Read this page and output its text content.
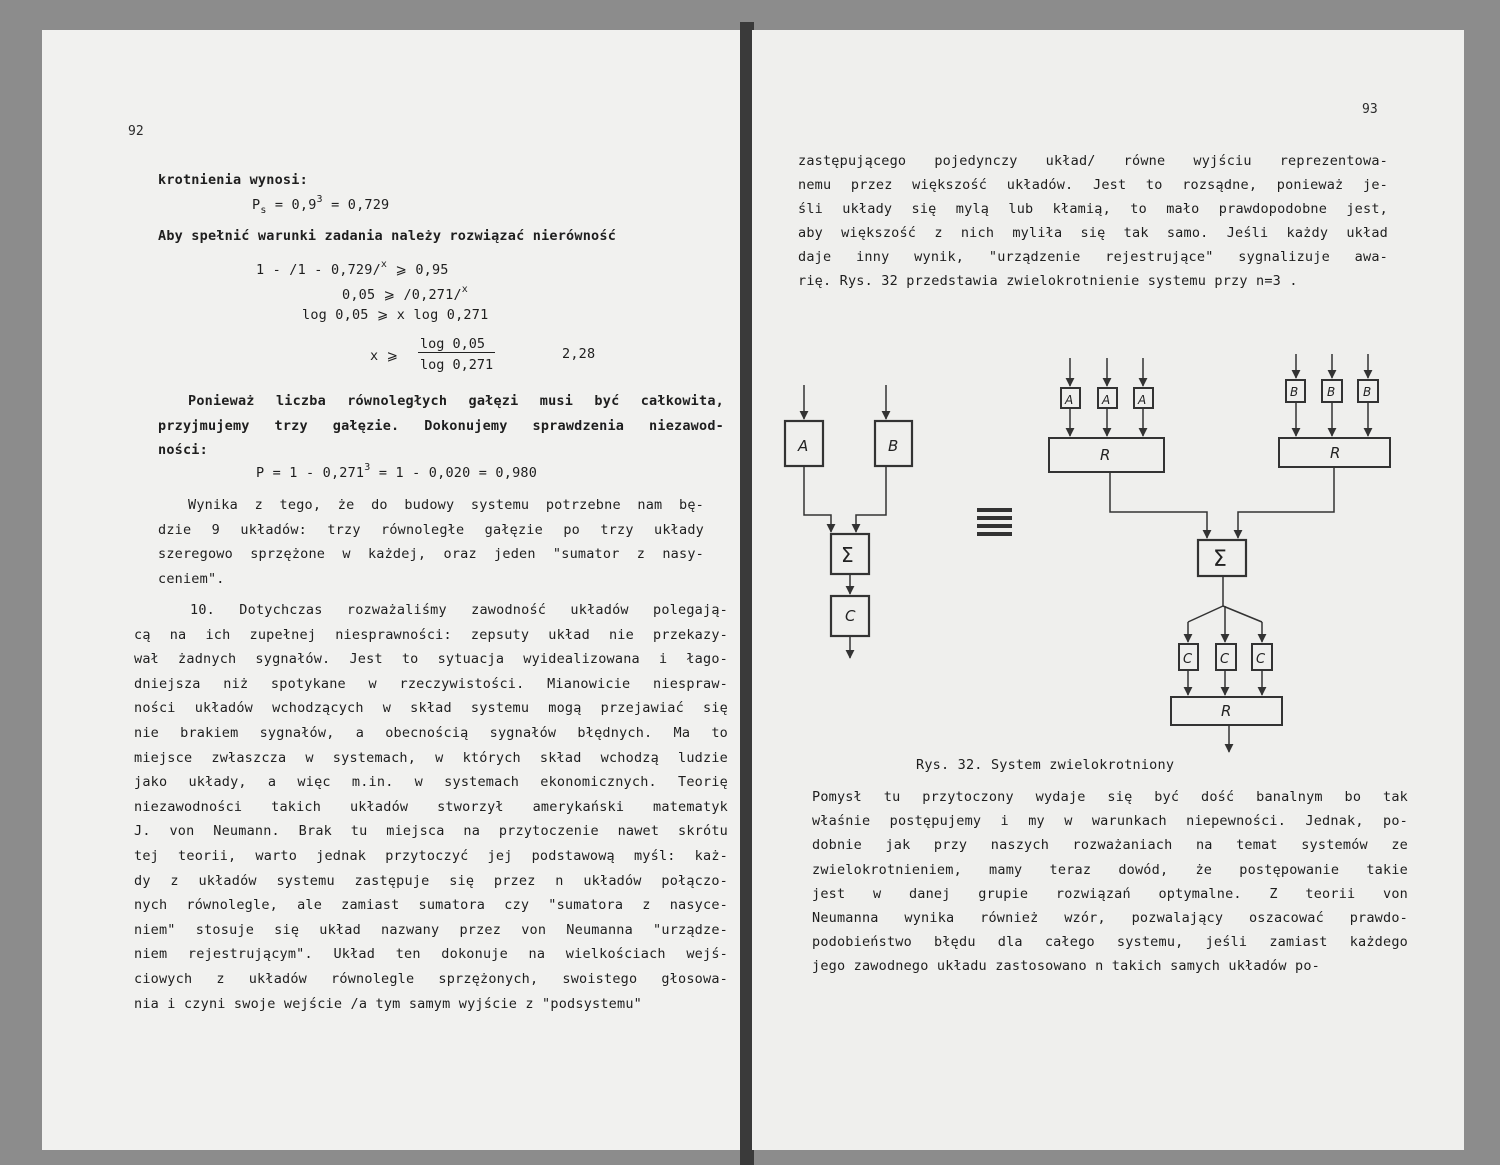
92
krotnienia wynosi:
$P_s = 0,9^3 = 0,729$
Aby spełnić warunki zadania należy rozwiązać nierówność
1 - /1 - 0,729/$^x$ ⩾ 0,95
0,05 ⩾ /0,271/$^x$
log 0,05 ⩾ x log 0,271
x ⩾ $\frac{\log 0,05}{\log 0,271}$	2,28
Ponieważ liczba równoległych gałęzi musi być całkowita,
przyjmujemy trzy gałęzie. Dokonujemy sprawdzenia niezawod-
ności:
$P = 1 - 0,271^3 = 1 - 0,020 = 0,980$
Wynika z tego, że do budowy systemu potrzebne nam bę-
dzie 9 układów: trzy równoległe gałęzie po trzy układy
szeregowo sprzężone w każdej, oraz jeden "sumator z nasy-
ceniem".
10. Dotychczas rozważaliśmy zawodność układów polegają-
cą na ich zupełnej niesprawności: zepsuty układ nie przekazy-
wał żadnych sygnałów. Jest to sytuacja wyidealizowana i łago-
dniejsza niż spotykane w rzeczywistości. Mianowicie niespraw-
ności układów wchodzących w skład systemu mogą przejawiać się
nie brakiem sygnałów, a obecnością sygnałów błędnych. Ma to
miejsce zwłaszcza w systemach, w których skład wchodzą ludzie
jako układy, a więc m.in. w systemach ekonomicznych. Teorię
niezawodności takich układów stworzył amerykański matematyk
J. von Neumann. Brak tu miejsca na przytoczenie nawet skrótu
tej teorii, warto jednak przytoczyć jej podstawową myśl: każ-
dy z układów systemu zastępuje się przez n układów połączo-
nych równolegle, ale zamiast sumatora czy "sumatora z nasyce-
niem" stosuje się układ nazwany przez von Neumanna "urządze-
niem rejestrującym". Układ ten dokonuje na wielkościach wejś-
ciowych z układów równolegle sprzężonych, swoistego głosowa-
nia i czyni swoje wejście /a tym samym wyjście z "podsystemu"
93
zastępującego pojedynczy układ/ równe wyjściu reprezentowa-
nemu przez większość układów. Jest to rozsądne, ponieważ je-
śli układy się mylą lub kłamią, to mało prawdopodobne jest,
aby większość z nich myliła się tak samo. Jeśli każdy układ
daje inny wynik, "urządzenie rejestrujące" sygnalizuje awa-
rię. Rys. 32 przedstawia zwielokrotnienie systemu przy n=3 .
A	B
Σ
C
A A A
R
B B B
R
Σ
C C C
R
Rys. 32. System zwielokrotniony
Pomysł tu przytoczony wydaje się być dość banalnym bo tak
właśnie postępujemy i my w warunkach niepewności. Jednak, po-
dobnie jak przy naszych rozważaniach na temat systemów ze
zwielokrotnieniem, mamy teraz dowód, że postępowanie takie
jest w danej grupie rozwiązań optymalne. Z teorii von
Neumanna wynika również wzór, pozwalający oszacować prawdo-
podobieństwo błędu dla całego systemu, jeśli zamiast każdego
jego zawodnego układu zastosowano n takich samych układów po-
